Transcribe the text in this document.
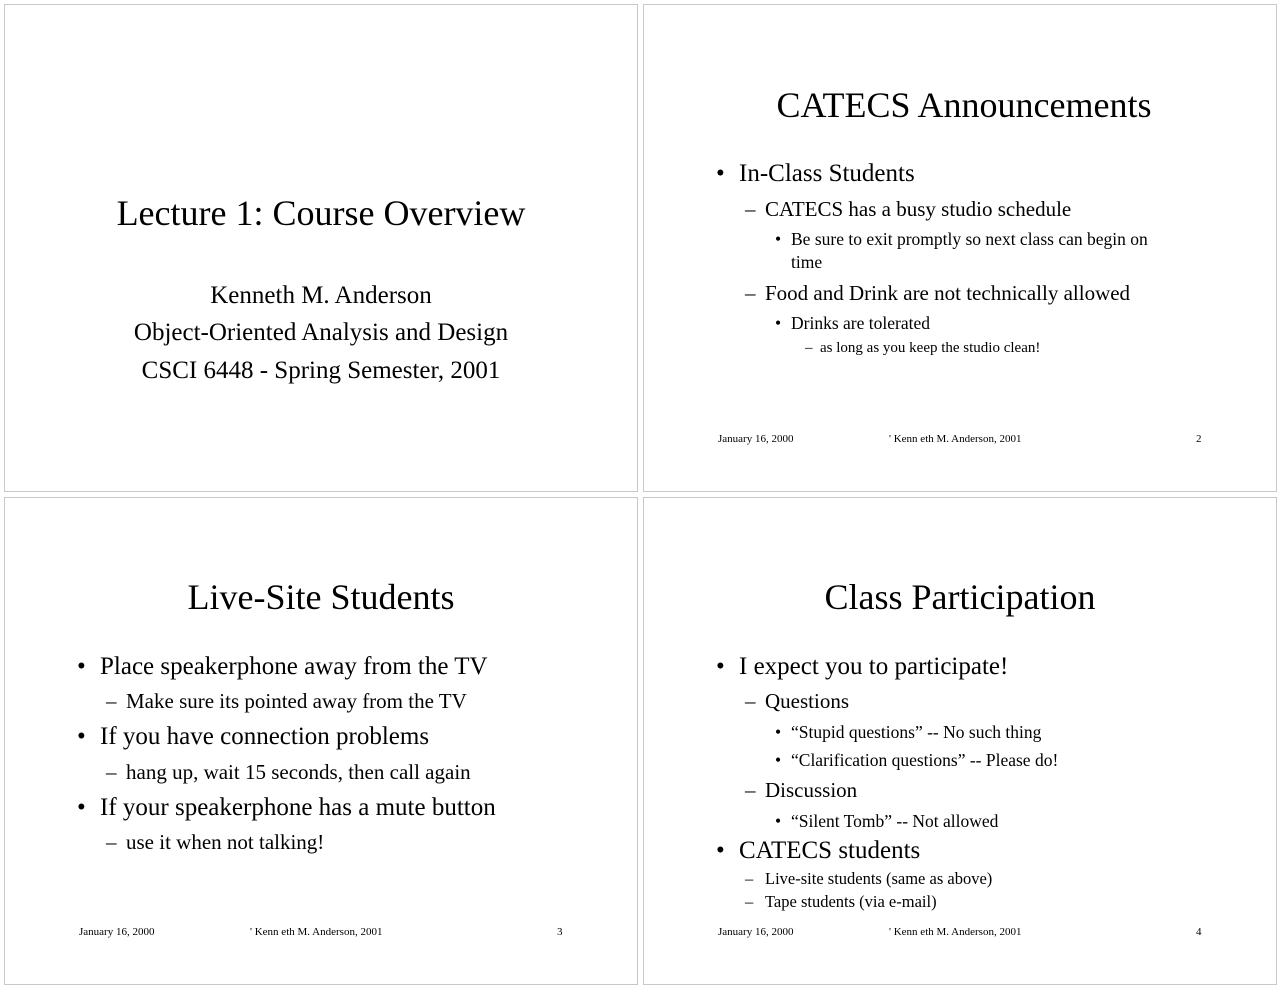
Lecture 1: Course Overview
Kenneth M. Anderson
Object-Oriented Analysis and Design
CSCI 6448 - Spring Semester, 2001
CATECS Announcements
• In-Class Students
– CATECS has a busy studio schedule
• Be sure to exit promptly so next class can begin on
time
– Food and Drink are not technically allowed
• Drinks are tolerated
– as long as you keep the studio clean!
January 16, 2000	' Kenn eth M. Anderson, 2001	2
Live-Site Students
• Place speakerphone away from the TV
– Make sure its pointed away from the TV
• If you have connection problems
– hang up, wait 15 seconds, then call again
• If your speakerphone has a mute button
– use it when not talking!
January 16, 2000	' Kenn eth M. Anderson, 2001	3
Class Participation
• I expect you to participate!
– Questions
• “Stupid questions” -- No such thing
• “Clarification questions” -- Please do!
– Discussion
• “Silent Tomb” -- Not allowed
• CATECS students
– Live-site students (same as above)
– Tape students (via e-mail)
January 16, 2000	' Kenn eth M. Anderson, 2001	4
